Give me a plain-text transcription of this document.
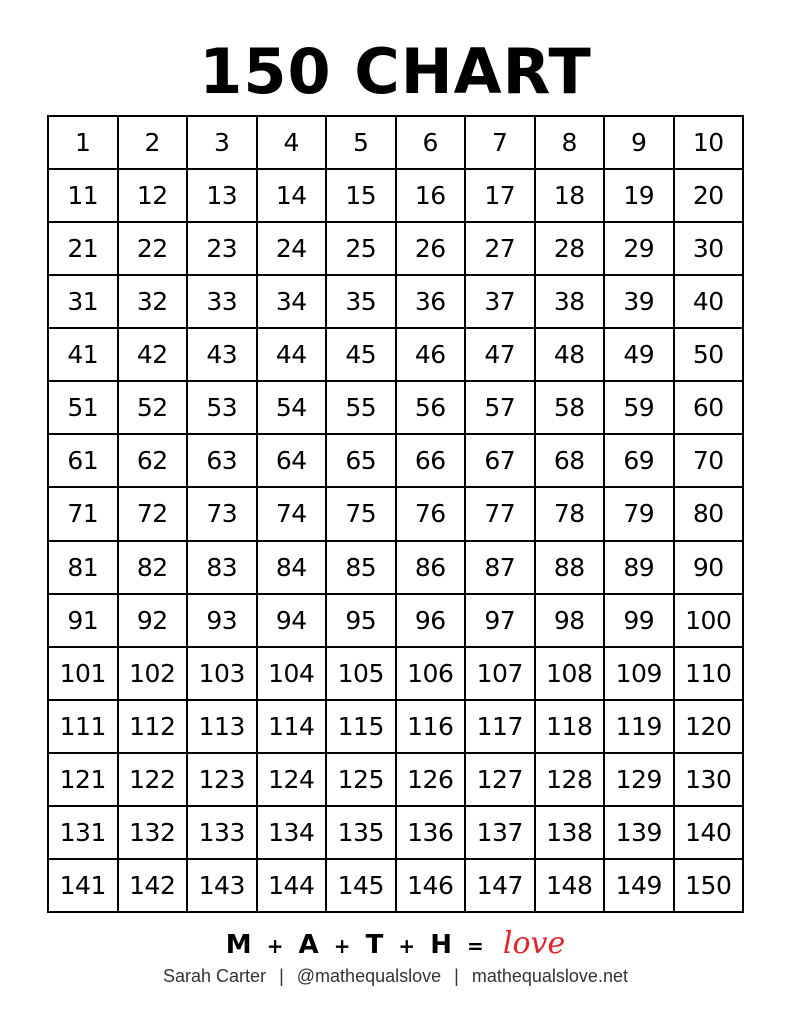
150 CHART
1	2	3	4	5	6	7	8	9	10
11	12	13	14	15	16	17	18	19	20
21	22	23	24	25	26	27	28	29	30
31	32	33	34	35	36	37	38	39	40
41	42	43	44	45	46	47	48	49	50
51	52	53	54	55	56	57	58	59	60
61	62	63	64	65	66	67	68	69	70
71	72	73	74	75	76	77	78	79	80
81	82	83	84	85	86	87	88	89	90
91	92	93	94	95	96	97	98	99	100
101 102 103 104 105 106 107 108 109 110
111 112 113 114 115 116 117 118 119 120
121 122 123 124 125 126 127 128 129 130
131 132 133 134 135 136 137 138 139 140
141 142 143 144 145 146 147 148 149 150
M + A + T + H = love
Sarah Carter | @mathequalslove | mathequalslove.net
